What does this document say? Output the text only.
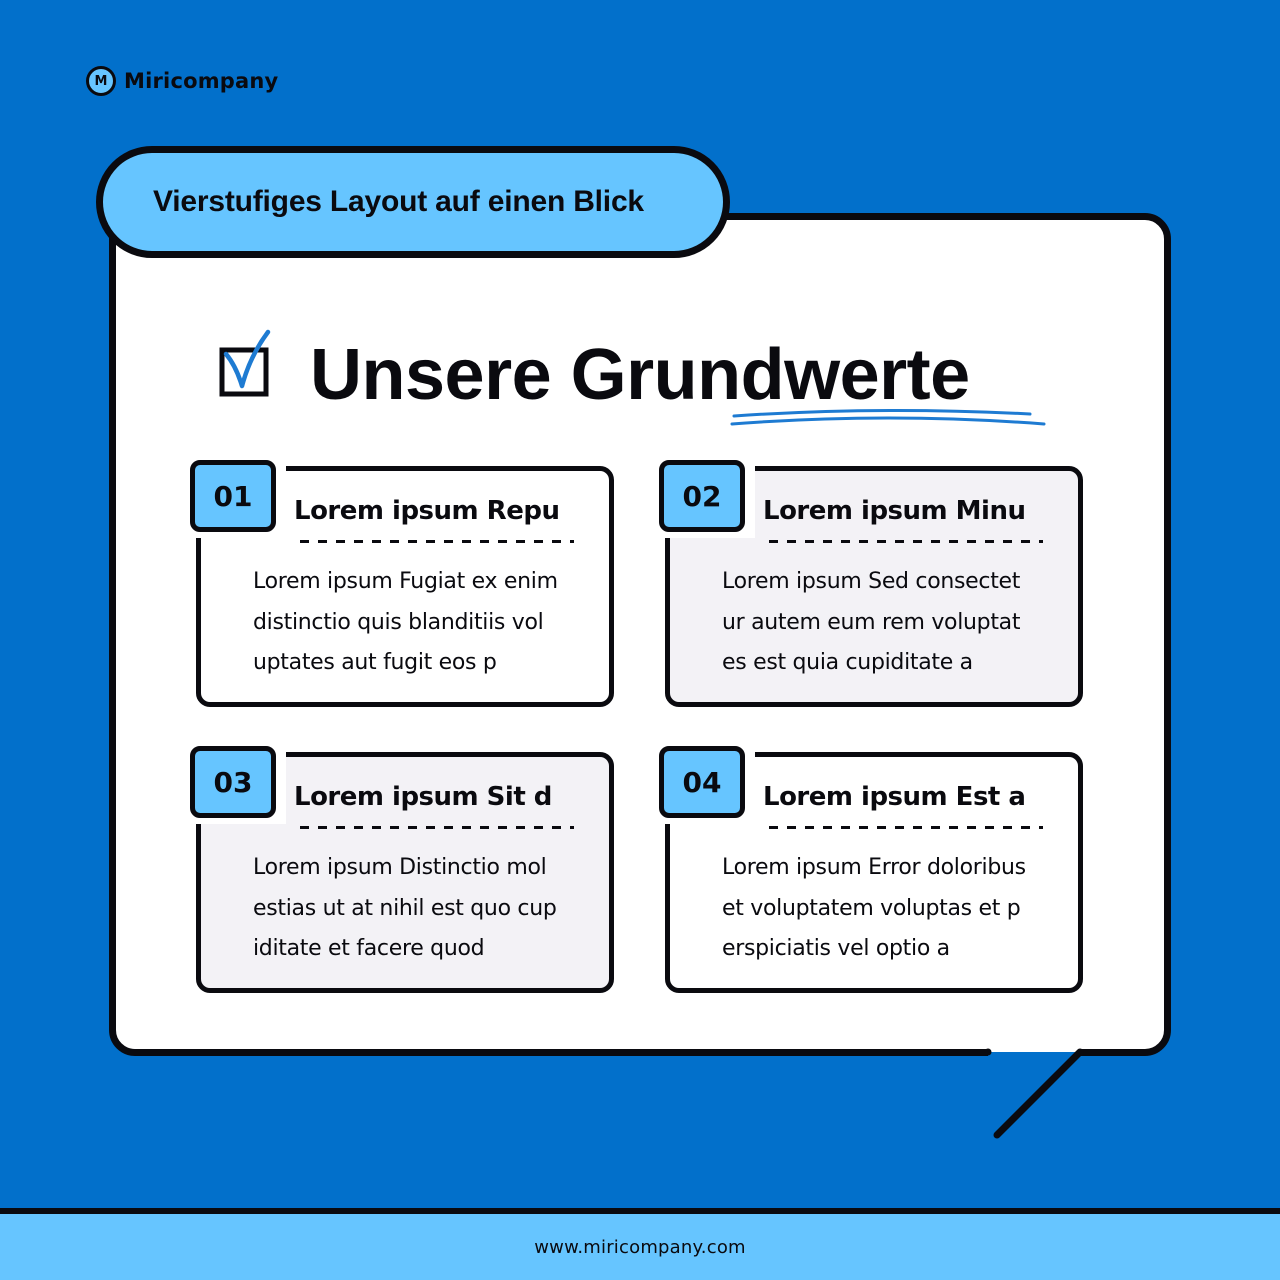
M Miricompany
Vierstufiges Layout auf einen Blick
Unsere Grundwerte
01	Lorem ipsum Repu
Lorem ipsum Fugiat ex enim
distinctio quis blanditiis vol
uptates aut fugit eos p
02	Lorem ipsum Minu
Lorem ipsum Sed consectet
ur autem eum rem voluptat
es est quia cupiditate a
03	Lorem ipsum Sit d
Lorem ipsum Distinctio mol
estias ut at nihil est quo cup
iditate et facere quod
04	Lorem ipsum Est a
Lorem ipsum Error doloribus
et voluptatem voluptas et p
erspiciatis vel optio a
www.miricompany.com
